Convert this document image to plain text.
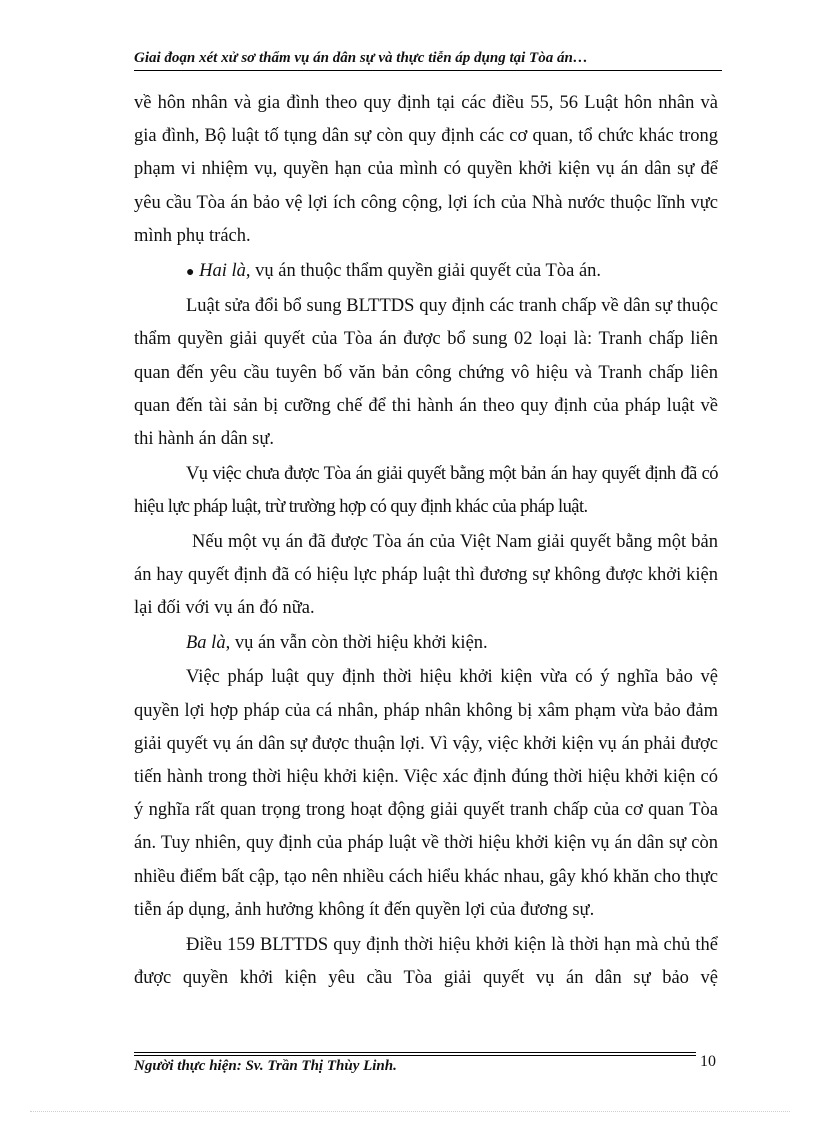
Giai đoạn xét xử sơ thẩm vụ án dân sự và thực tiễn áp dụng tại Tòa án…

về hôn nhân và gia đình theo quy định tại các điều 55, 56 Luật hôn nhân và gia đình, Bộ luật tố tụng dân sự còn quy định các cơ quan, tổ chức khác trong phạm vi nhiệm vụ, quyền hạn của mình có quyền khởi kiện vụ án dân sự để yêu cầu Tòa án bảo vệ lợi ích công cộng, lợi ích của Nhà nước thuộc lĩnh vực mình phụ trách.

● Hai là, vụ án thuộc thẩm quyền giải quyết của Tòa án.

Luật sửa đổi bổ sung BLTTDS quy định các tranh chấp về dân sự thuộc thẩm quyền giải quyết của Tòa án được bổ sung 02 loại là: Tranh chấp liên quan đến yêu cầu tuyên bố văn bản công chứng vô hiệu và Tranh chấp liên quan đến tài sản bị cưỡng chế để thi hành án theo quy định của pháp luật về thi hành án dân sự.

Vụ việc chưa được Tòa án giải quyết bằng một bản án hay quyết định đã có hiệu lực pháp luật, trừ trường hợp có quy định khác của pháp luật.

Nếu một vụ án đã được Tòa án của Việt Nam giải quyết bằng một bản án hay quyết định đã có hiệu lực pháp luật thì đương sự không được khởi kiện lại đối với vụ án đó nữa.

Ba là, vụ án vẫn còn thời hiệu khởi kiện.

Việc pháp luật quy định thời hiệu khởi kiện vừa có ý nghĩa bảo vệ quyền lợi hợp pháp của cá nhân, pháp nhân không bị xâm phạm vừa bảo đảm giải quyết vụ án dân sự được thuận lợi. Vì vậy, việc khởi kiện vụ án phải được tiến hành trong thời hiệu khởi kiện. Việc xác định đúng thời hiệu khởi kiện có ý nghĩa rất quan trọng trong hoạt động giải quyết tranh chấp của cơ quan Tòa án. Tuy nhiên, quy định của pháp luật về thời hiệu khởi kiện vụ án dân sự còn nhiều điểm bất cập, tạo nên nhiều cách hiểu khác nhau, gây khó khăn cho thực tiễn áp dụng, ảnh hưởng không ít đến quyền lợi của đương sự.

Điều 159 BLTTDS quy định thời hiệu khởi kiện là thời hạn mà chủ thể được quyền khởi kiện yêu cầu Tòa giải quyết vụ án dân sự bảo vệ

Người thực hiện: Sv. Trần Thị Thùy Linh.	10
